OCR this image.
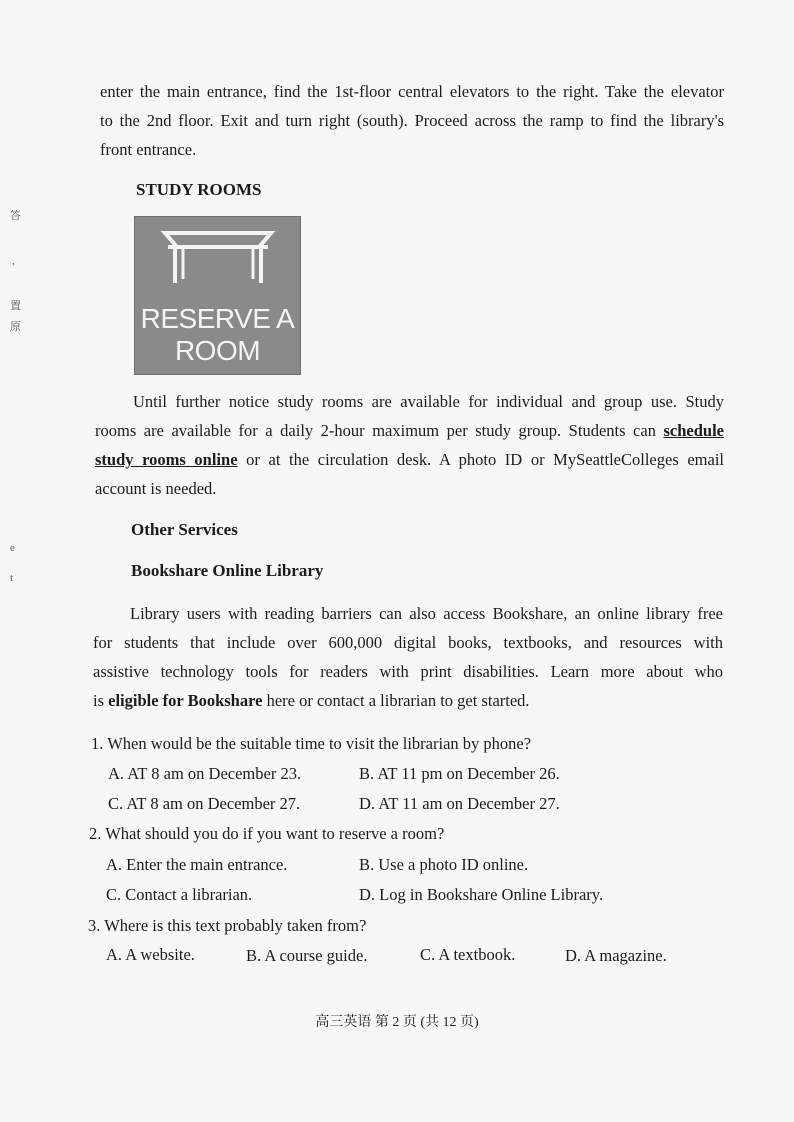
enter the main entrance, find the 1st-floor central elevators to the right. Take the elevator
to the 2nd floor. Exit and turn right (south). Proceed across the ramp to find the library's
front entrance.
STUDY ROOMS
RESERVE A
ROOM
Until further notice study rooms are available for individual and group use. Study
rooms are available for a daily 2-hour maximum per study group. Students can schedule
study rooms online or at the circulation desk. A photo ID or MySeattleColleges email
account is needed.
Other Services
Bookshare Online Library
Library users with reading barriers can also access Bookshare, an online library free
for students that include over 600,000 digital books, textbooks, and resources with
assistive technology tools for readers with print disabilities. Learn more about who
is eligible for Bookshare here or contact a librarian to get started.
1. When would be the suitable time to visit the librarian by phone?
A. AT 8 am on December 23.	B. AT 11 pm on December 26.
C. AT 8 am on December 27.	D. AT 11 am on December 27.
2. What should you do if you want to reserve a room?
A. Enter the main entrance.	B. Use a photo ID online.
C. Contact a librarian.	D. Log in Bookshare Online Library.
3. Where is this text probably taken from?
A. A website.	B. A course guide.	C. A textbook.	D. A magazine.
答
,
置
原
e
t
高三英语 第 2 页 (共 12 页)
